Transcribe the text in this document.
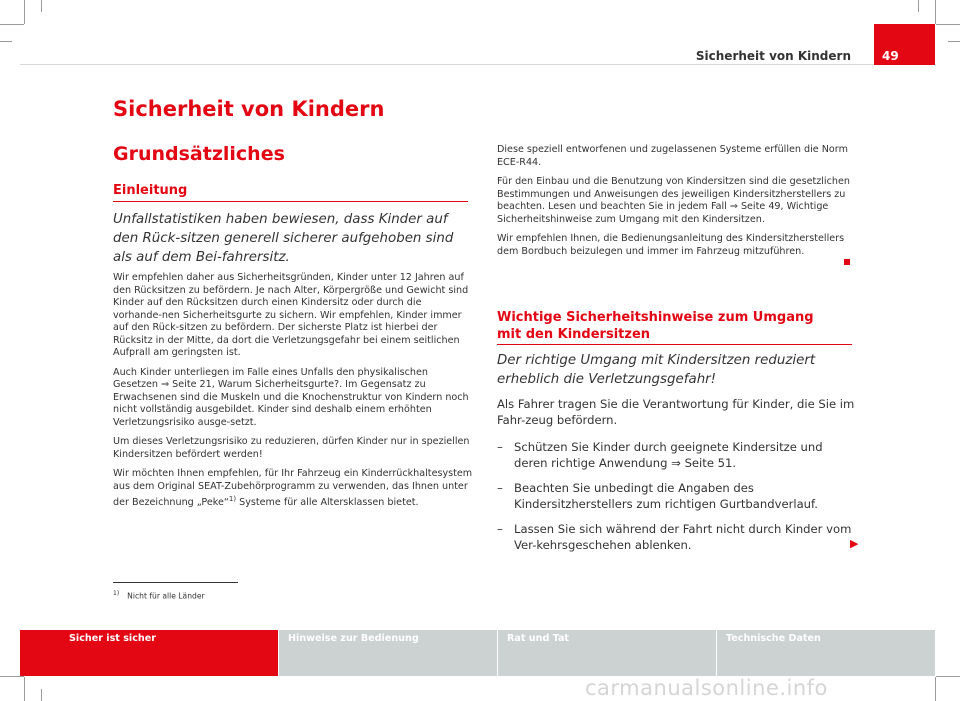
Sicherheit von Kindern	49
Sicherheit von Kindern
Grundsätzliches
Einleitung
Unfallstatistiken haben bewiesen, dass Kinder auf den Rück-sitzen generell sicherer aufgehoben sind als auf dem Bei-fahrersitz.

Wir empfehlen daher aus Sicherheitsgründen, Kinder unter 12 Jahren auf den Rücksitzen zu befördern. Je nach Alter, Körpergröße und Gewicht sind Kinder auf den Rücksitzen durch einen Kindersitz oder durch die vorhande-nen Sicherheitsgurte zu sichern. Wir empfehlen, Kinder immer auf den Rück-sitzen zu befördern. Der sicherste Platz ist hierbei der Rücksitz in der Mitte, da dort die Verletzungsgefahr bei einem seitlichen Aufprall am geringsten ist.

Auch Kinder unterliegen im Falle eines Unfalls den physikalischen Gesetzen ⇒ Seite 21, Warum Sicherheitsgurte?. Im Gegensatz zu Erwachsenen sind die Muskeln und die Knochenstruktur von Kindern noch nicht vollständig ausgebildet. Kinder sind deshalb einem erhöhten Verletzungsrisiko ausge-setzt.

Um dieses Verletzungsrisiko zu reduzieren, dürfen Kinder nur in speziellen Kindersitzen befördert werden!

Wir möchten Ihnen empfehlen, für Ihr Fahrzeug ein Kinderrückhaltesystem aus dem Original SEAT-Zubehörprogramm zu verwenden, das Ihnen unter der Bezeichnung „Peke“$^{1)}$ Systeme für alle Altersklassen bietet.

Diese speziell entworfenen und zugelassenen Systeme erfüllen die Norm ECE-R44.

Für den Einbau und die Benutzung von Kindersitzen sind die gesetzlichen Bestimmungen und Anweisungen des jeweiligen Kindersitzherstellers zu beachten. Lesen und beachten Sie in jedem Fall ⇒ Seite 49, Wichtige Sicherheitshinweise zum Umgang mit den Kindersitzen.

Wir empfehlen Ihnen, die Bedienungsanleitung des Kindersitzherstellers dem Bordbuch beizulegen und immer im Fahrzeug mitzuführen.

Wichtige Sicherheitshinweise zum Umgang mit den Kindersitzen
Der richtige Umgang mit Kindersitzen reduziert erheblich die Verletzungsgefahr!
Als Fahrer tragen Sie die Verantwortung für Kinder, die Sie im Fahr-zeug befördern.
– Schützen Sie Kinder durch geeignete Kindersitze und deren richtige Anwendung ⇒ Seite 51.
– Beachten Sie unbedingt die Angaben des Kindersitzherstellers zum richtigen Gurtbandverlauf.
– Lassen Sie sich während der Fahrt nicht durch Kinder vom Ver-kehrsgeschehen ablenken.	▶
$^{1)}$ Nicht für alle Länder
Sicher ist sicher	Hinweise zur Bedienung	Rat und Tat	Technische Daten
carmanualsonline.info
